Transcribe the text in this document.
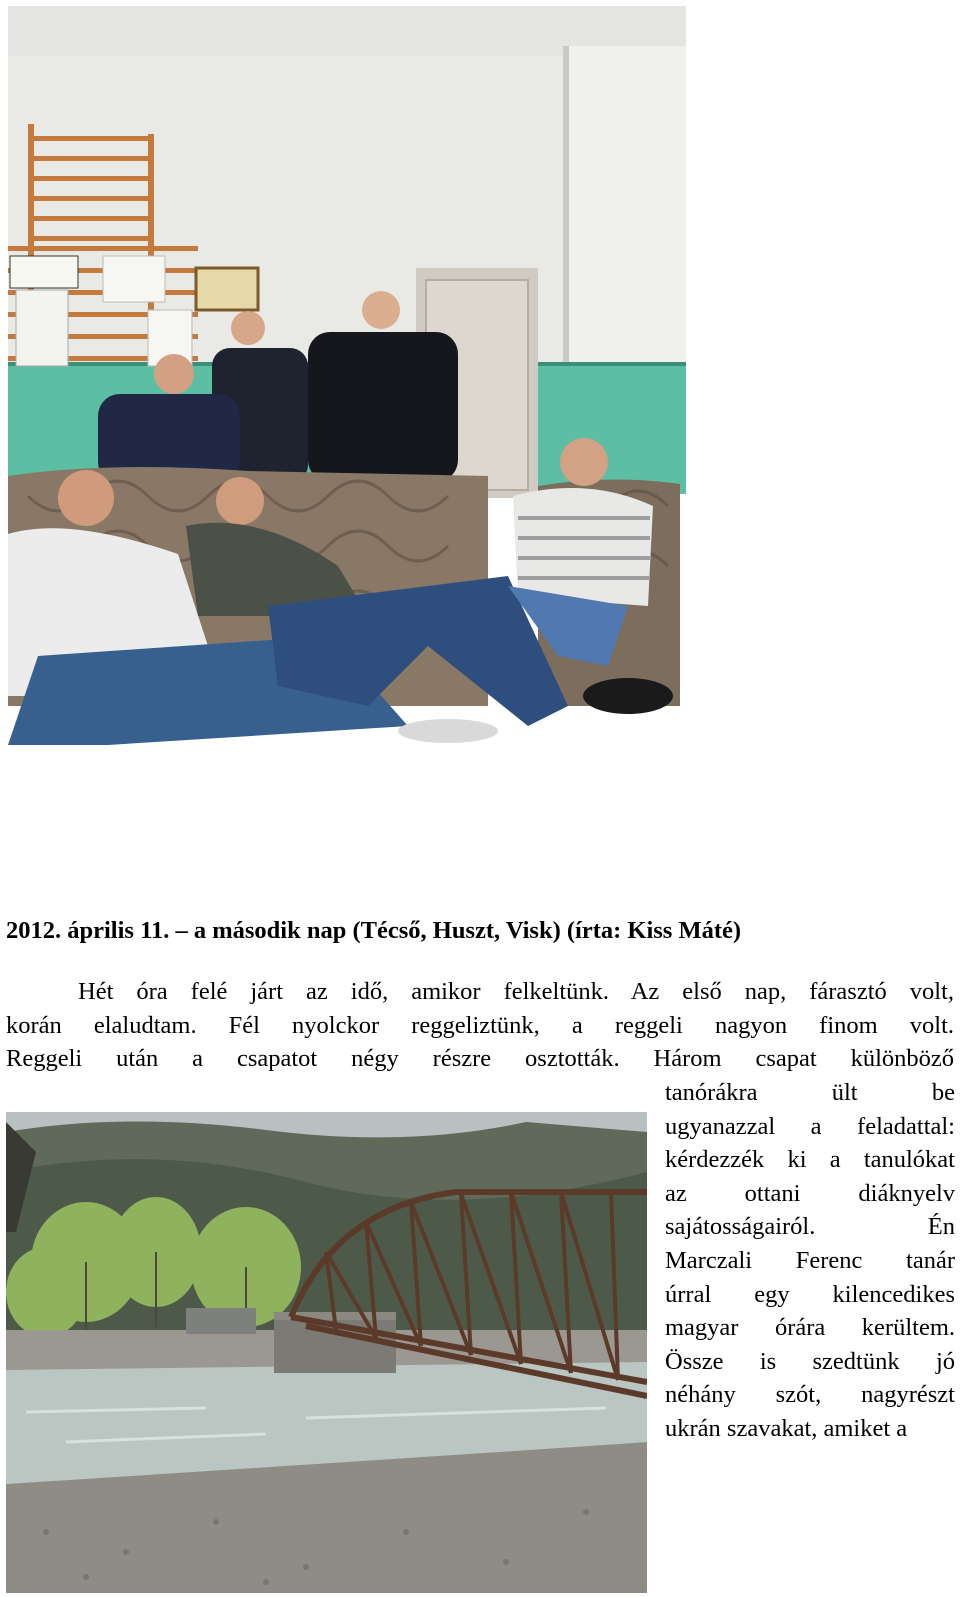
2012. április 11. – a második nap (Técső, Huszt, Visk) (írta: Kiss Máté)
Hét óra felé járt az idő, amikor felkeltünk. Az első nap, fárasztó volt,
korán elaludtam. Fél nyolckor reggeliztünk, a reggeli nagyon finom volt.
Reggeli után a csapatot négy részre osztották. Három csapat különböző
tanórákra ült be
ugyanazzal a feladattal:
kérdezzék ki a tanulókat
az ottani diáknyelv
sajátosságairól. Én
Marczali Ferenc tanár
úrral egy kilencedikes
magyar órára kerültem.
Össze is szedtünk jó
néhány szót, nagyrészt
ukrán szavakat, amiket a
